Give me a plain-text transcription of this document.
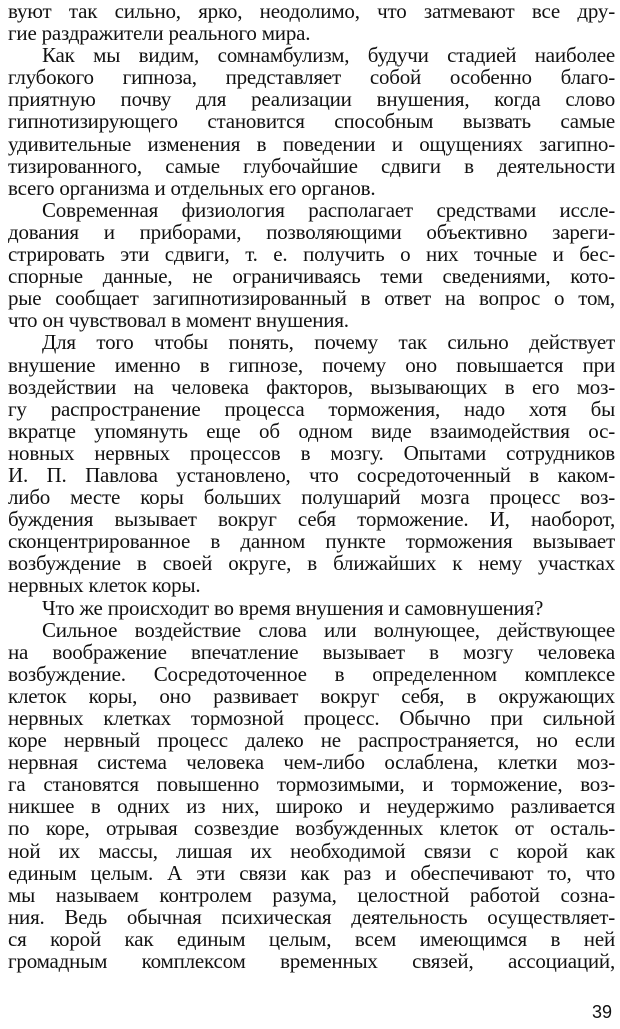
вуют так сильно, ярко, неодолимо, что затмевают все дру-
гие раздражители реального мира.
Как мы видим, сомнамбулизм, будучи стадией наиболее
глубокого гипноза, представляет собой особенно благо-
приятную почву для реализации внушения, когда слово
гипнотизирующего становится способным вызвать самые
удивительные изменения в поведении и ощущениях загипно-
тизированного, самые глубочайшие сдвиги в деятельности
всего организма и отдельных его органов.
Современная физиология располагает средствами иссле-
дования и приборами, позволяющими объективно зареги-
стрировать эти сдвиги, т. е. получить о них точные и бес-
спорные данные, не ограничиваясь теми сведениями, кото-
рые сообщает загипнотизированный в ответ на вопрос о том,
что он чувствовал в момент внушения.
Для того чтобы понять, почему так сильно действует
внушение именно в гипнозе, почему оно повышается при
воздействии на человека факторов, вызывающих в его моз-
гу распространение процесса торможения, надо хотя бы
вкратце упомянуть еще об одном виде взаимодействия ос-
новных нервных процессов в мозгу. Опытами сотрудников
И. П. Павлова установлено, что сосредоточенный в каком-
либо месте коры больших полушарий мозга процесс воз-
буждения вызывает вокруг себя торможение. И, наоборот,
сконцентрированное в данном пункте торможения вызывает
возбуждение в своей округе, в ближайших к нему участках
нервных клеток коры.
Что же происходит во время внушения и самовнушения?
Сильное воздействие слова или волнующее, действующее
на воображение впечатление вызывает в мозгу человека
возбуждение. Сосредоточенное в определенном комплексе
клеток коры, оно развивает вокруг себя, в окружающих
нервных клетках тормозной процесс. Обычно при сильной
коре нервный процесс далеко не распространяется, но если
нервная система человека чем-либо ослаблена, клетки моз-
га становятся повышенно тормозимыми, и торможение, воз-
никшее в одних из них, широко и неудержимо разливается
по коре, отрывая созвездие возбужденных клеток от осталь-
ной их массы, лишая их необходимой связи с корой как
единым целым. А эти связи как раз и обеспечивают то, что
мы называем контролем разума, целостной работой созна-
ния. Ведь обычная психическая деятельность осуществляет-
ся корой как единым целым, всем имеющимся в ней
громадным комплексом временных связей, ассоциаций,
39
